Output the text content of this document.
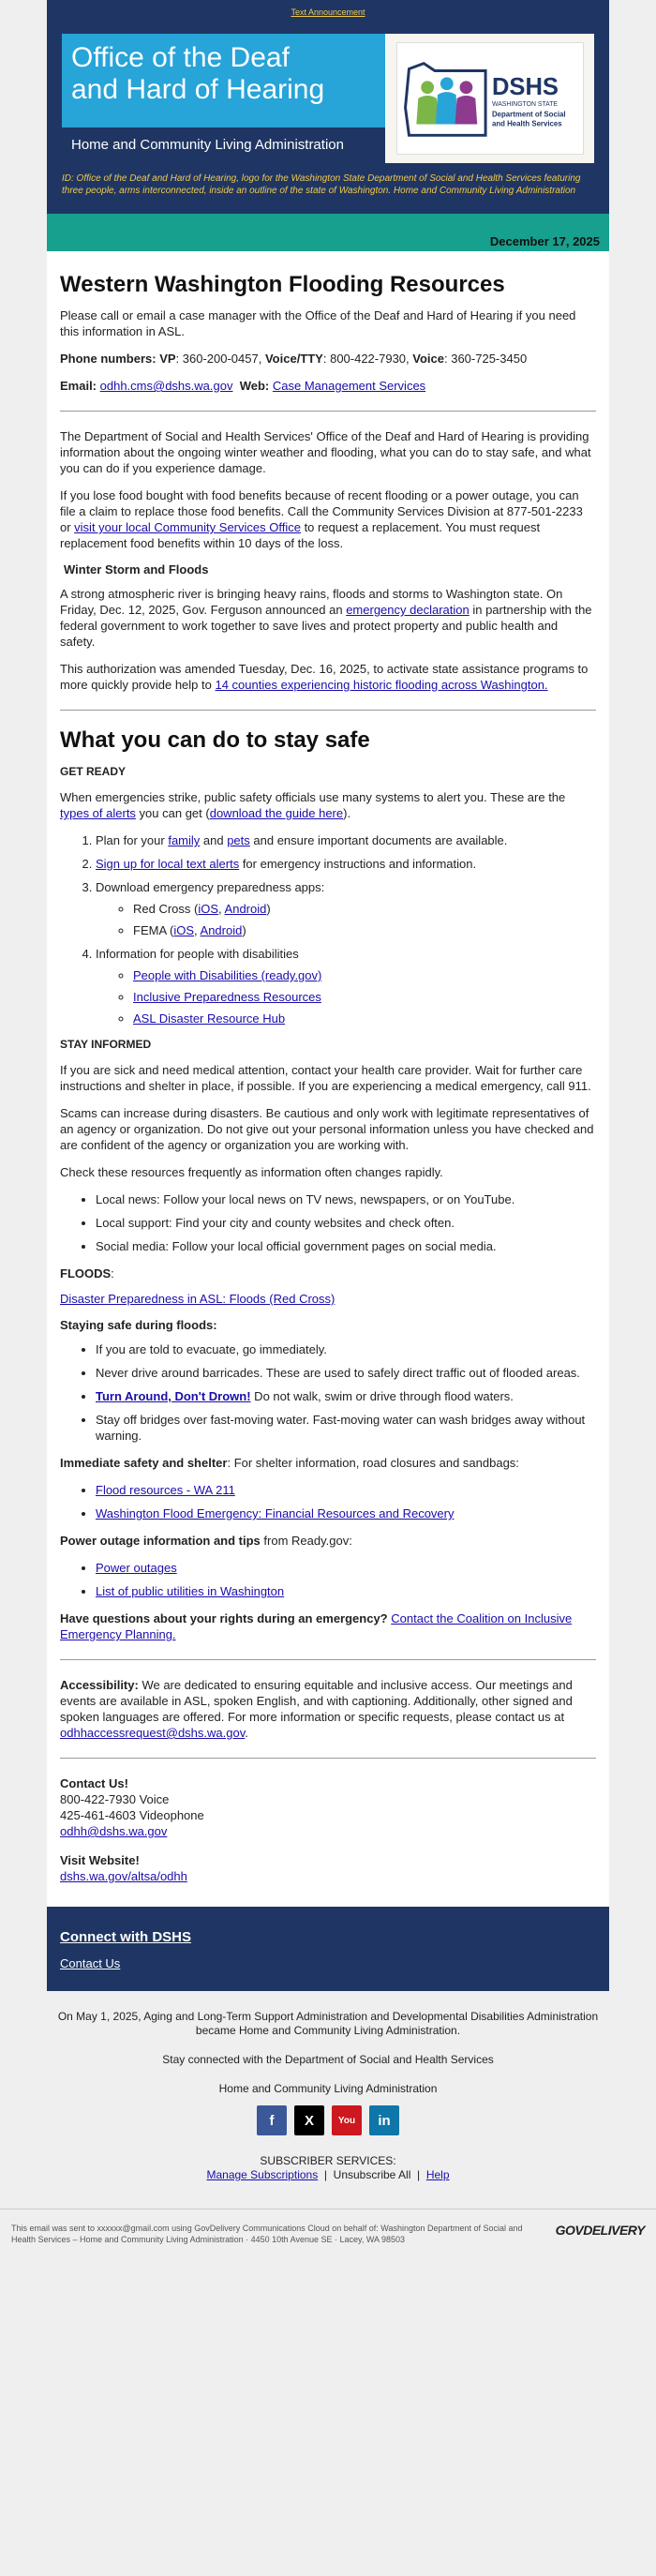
Text Announcement
Office of the Deaf
and Hard of Hearing
Home and Community Living Administration
DSHS
WASHINGTON STATE
Department of Social
and Health Services
ID: Office of the Deaf and Hard of Hearing, logo for the Washington State Department of Social and Health Services featuring three people, arms interconnected, inside an outline of the state of Washington. Home and Community Living Administration
December 17, 2025
Western Washington Flooding Resources

Please call or email a case manager with the Office of the Deaf and Hard of Hearing if you need this information in ASL.

Phone numbers: VP: 360-200-0457, Voice/TTY: 800-422-7930, Voice: 360-725-3450

Email: odhh.cms@dshs.wa.gov Web: Case Management Services

The Department of Social and Health Services' Office of the Deaf and Hard of Hearing is providing information about the ongoing winter weather and flooding, what you can do to stay safe, and what you can do if you experience damage.

If you lose food bought with food benefits because of recent flooding or a power outage, you can file a claim to replace those food benefits. Call the Community Services Division at 877-501-2233 or visit your local Community Services Office to request a replacement. You must request replacement food benefits within 10 days of the loss.

Winter Storm and Floods

A strong atmospheric river is bringing heavy rains, floods and storms to Washington state. On Friday, Dec. 12, 2025, Gov. Ferguson announced an emergency declaration in partnership with the federal government to work together to save lives and protect property and public health and safety.

This authorization was amended Tuesday, Dec. 16, 2025, to activate state assistance programs to more quickly provide help to 14 counties experiencing historic flooding across Washington.

What you can do to stay safe
GET READY

When emergencies strike, public safety officials use many systems to alert you. These are the types of alerts you can get (download the guide here).

1. Plan for your family and pets and ensure important documents are available.
2. Sign up for local text alerts for emergency instructions and information.
3. Download emergency preparedness apps:
◦ Red Cross (iOS, Android)
◦ FEMA (iOS, Android)
4. Information for people with disabilities
◦ People with Disabilities (ready.gov)
◦ Inclusive Preparedness Resources
◦ ASL Disaster Resource Hub
STAY INFORMED

If you are sick and need medical attention, contact your health care provider. Wait for further care instructions and shelter in place, if possible. If you are experiencing a medical emergency, call 911.

Scams can increase during disasters. Be cautious and only work with legitimate representatives of an agency or organization. Do not give out your personal information unless you have checked and are confident of the agency or organization you are working with.

Check these resources frequently as information often changes rapidly.

• Local news: Follow your local news on TV news, newspapers, or on YouTube.
• Local support: Find your city and county websites and check often.
• Social media: Follow your local official government pages on social media.

FLOODS:

Disaster Preparedness in ASL: Floods (Red Cross)

Staying safe during floods:
• If you are told to evacuate, go immediately.
• Never drive around barricades. These are used to safely direct traffic out of flooded areas.
• Turn Around, Don't Drown! Do not walk, swim or drive through flood waters.
• Stay off bridges over fast-moving water. Fast-moving water can wash bridges away without warning.

Immediate safety and shelter: For shelter information, road closures and sandbags:

• Flood resources - WA 211
• Washington Flood Emergency: Financial Resources and Recovery

Power outage information and tips from Ready.gov:

• Power outages
• List of public utilities in Washington

Have questions about your rights during an emergency? Contact the Coalition on Inclusive Emergency Planning.

Accessibility: We are dedicated to ensuring equitable and inclusive access. Our meetings and events are available in ASL, spoken English, and with captioning. Additionally, other signed and spoken languages are offered. For more information or specific requests, please contact us at odhhaccessrequest@dshs.wa.gov.

Contact Us!
800-422-7930 Voice
425-461-4603 Videophone
odhh@dshs.wa.gov
Visit Website!
dshs.wa.gov/altsa/odhh
Connect with DSHS
Contact Us

On May 1, 2025, Aging and Long-Term Support Administration and Developmental Disabilities Administration became Home and Community Living Administration.

Stay connected with the Department of Social and Health Services

Home and Community Living Administration

f	X	You	in
SUBSCRIBER SERVICES:
Manage Subscriptions  |  Unsubscribe All  |  Help
This email was sent to xxxxxx@gmail.com using GovDelivery Communications Cloud on behalf of: Washington Department of Social and Health Services – Home and Community Living Administration · 4450 10th Avenue SE · Lacey, WA 98503
GOVDELIVERY
